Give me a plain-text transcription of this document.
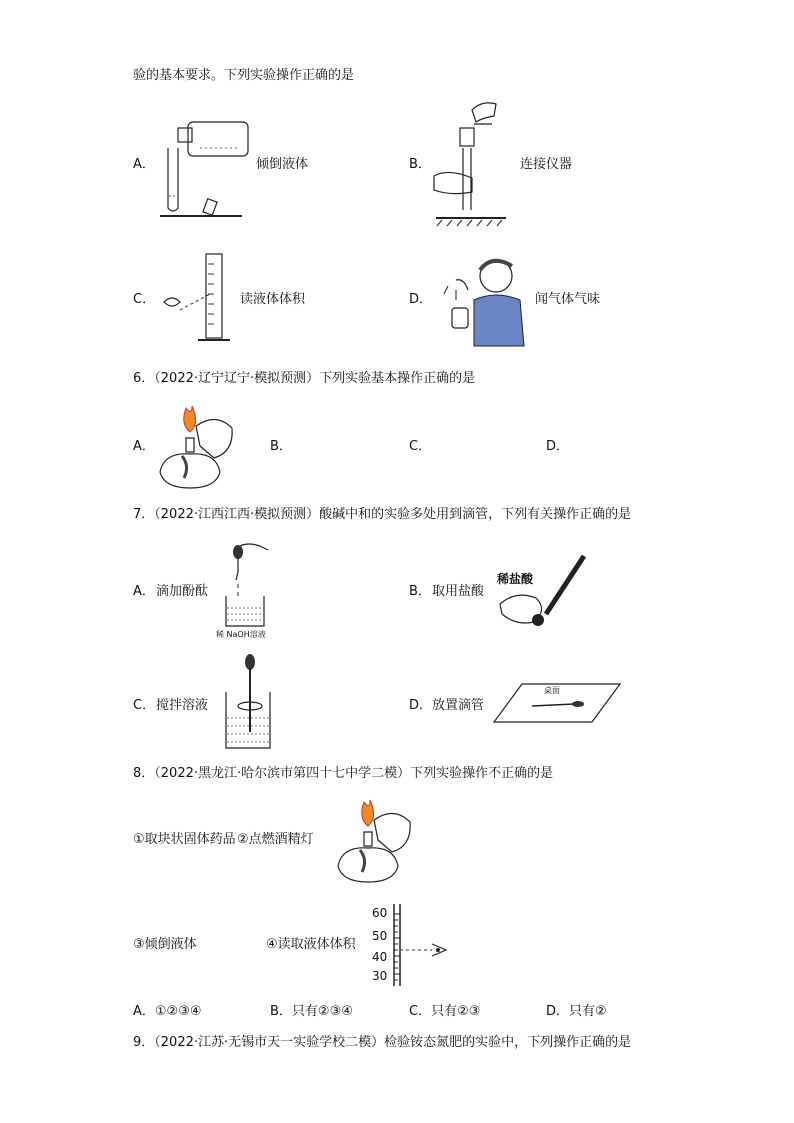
验的基本要求。下列实验操作正确的是
A．	倾倒液体	B．	连接仪器
C．	读液体体积	D．	闻气体气味
6．（2022·辽宁辽宁·模拟预测）下列实验基本操作正确的是
A．	B．	C．	D．
7．（2022·江西江西·模拟预测）酸碱中和的实验多处用到滴管，下列有关操作正确的是
A． 滴加酚酞
稀 NaOH溶液
B． 取用盐酸
稀盐酸
C． 搅拌溶液	D． 放置滴管
桌面
8．（2022·黑龙江·哈尔滨市第四十七中学二模）下列实验操作不正确的是
①取块状固体药品 ②点燃酒精灯
③倾倒液体	④读取液体体积
60
50
40
30
A．①②③④	B．只有②③④	C．只有②③	D．只有②
9．（2022·江苏·无锡市天一实验学校二模）检验铵态氮肥的实验中，下列操作正确的是
